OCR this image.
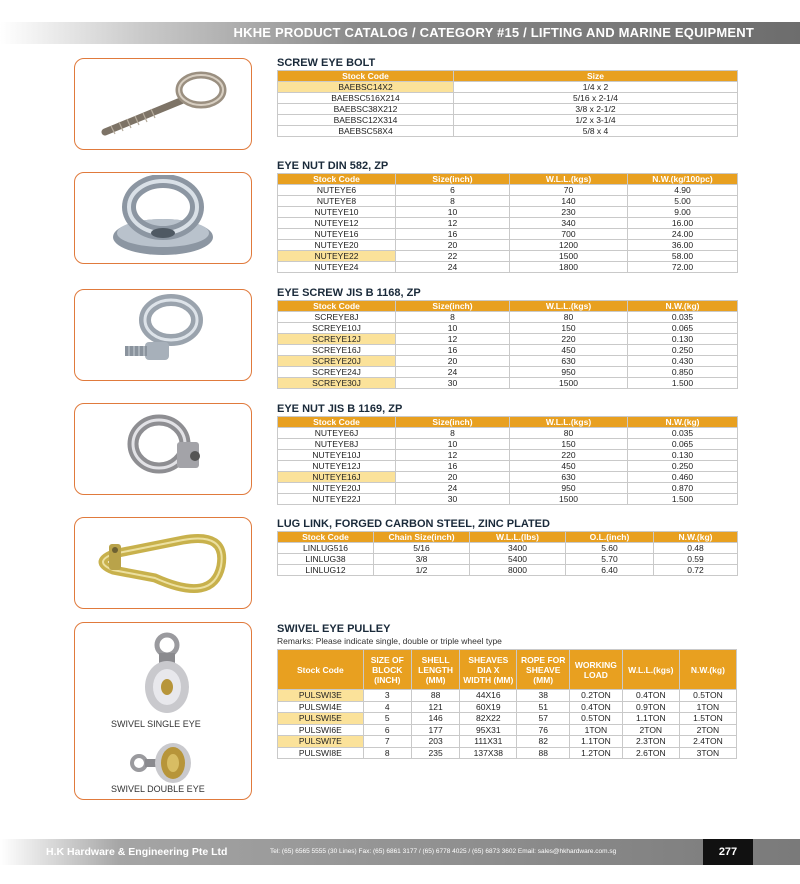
HKHE PRODUCT CATALOG / CATEGORY #15 / LIFTING AND MARINE EQUIPMENT
SWIVEL SINGLE EYE
SWIVEL DOUBLE EYE
SCREW EYE BOLT
Stock Code	Size
BAEBSC14X2	1/4 x 2
BAEBSC516X214	5/16 x 2-1/4
BAEBSC38X212	3/8 x 2-1/2
BAEBSC12X314	1/2 x 3-1/4
BAEBSC58X4	5/8 x 4
EYE NUT DIN 582, ZP
Stock Code	Size(inch)	W.L.L.(kgs)	N.W.(kg/100pc)
NUTEYE6	6	70	4.90
NUTEYE8	8	140	5.00
NUTEYE10	10	230	9.00
NUTEYE12	12	340	16.00
NUTEYE16	16	700	24.00
NUTEYE20	20	1200	36.00
NUTEYE22	22	1500	58.00
NUTEYE24	24	1800	72.00
EYE SCREW JIS B 1168, ZP
Stock Code	Size(inch)	W.L.L.(kgs)	N.W.(kg)
SCREYE8J	8	80	0.035
SCREYE10J	10	150	0.065
SCREYE12J	12	220	0.130
SCREYE16J	16	450	0.250
SCREYE20J	20	630	0.430
SCREYE24J	24	950	0.850
SCREYE30J	30	1500	1.500
EYE NUT JIS B 1169, ZP
Stock Code	Size(inch)	W.L.L.(kgs)	N.W.(kg)
NUTEYE6J	8	80	0.035
NUTEYE8J	10	150	0.065
NUTEYE10J	12	220	0.130
NUTEYE12J	16	450	0.250
NUTEYE16J	20	630	0.460
NUTEYE20J	24	950	0.870
NUTEYE22J	30	1500	1.500
LUG LINK, FORGED CARBON STEEL, ZINC PLATED
Stock Code	Chain Size(inch)	W.L.L.(lbs)	O.L.(inch)	N.W.(kg)
LINLUG516	5/16	3400	5.60	0.48
LINLUG38	3/8	5400	5.70	0.59
LINLUG12	1/2	8000	6.40	0.72
SWIVEL EYE PULLEY
Remarks: Please indicate single, double or triple wheel type
Stock Code	SIZE OF BLOCK (INCH)	SHELL LENGTH (MM)	SHEAVES DIA X WIDTH (MM)	ROPE FOR SHEAVE (MM)	WORKING LOAD	W.L.L.(kgs)	N.W.(kg)
PULSWI3E	3	88	44X16	38	0.2TON	0.4TON	0.5TON
PULSWI4E	4	121	60X19	51	0.4TON	0.9TON	1TON
PULSWI5E	5	146	82X22	57	0.5TON	1.1TON	1.5TON
PULSWI6E	6	177	95X31	76	1TON	2TON	2TON
PULSWI7E	7	203	111X31	82	1.1TON	2.3TON	2.4TON
PULSWI8E	8	235	137X38	88	1.2TON	2.6TON	3TON
H.K Hardware & Engineering Pte Ltd	Tel: (65) 6565 5555 (30 Lines) Fax: (65) 6861 3177 / (65) 6778 4025 / (65) 6873 3602 Email: sales@hkhardware.com.sg	277
